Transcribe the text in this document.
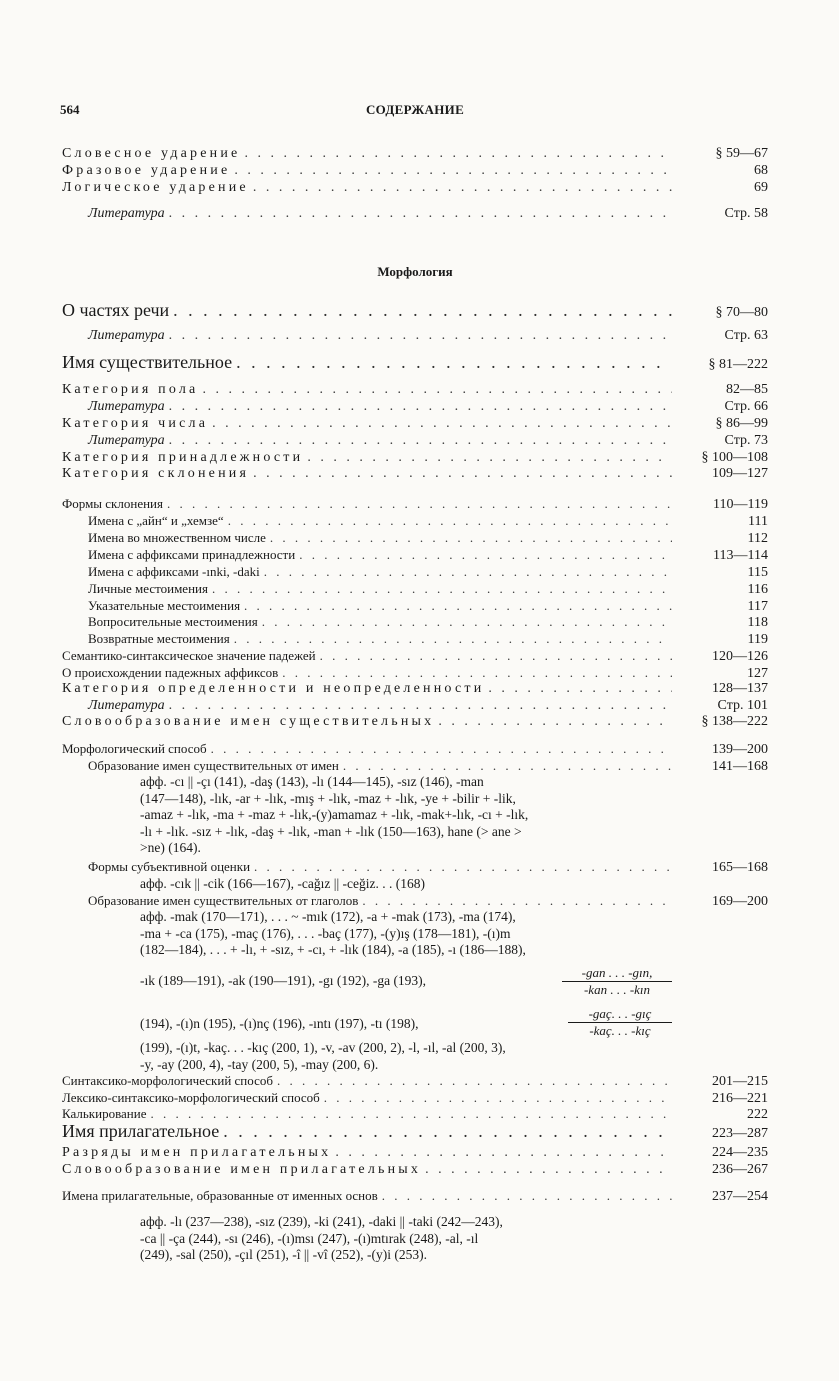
564	СОДЕРЖАНИЕ
Словесное ударение . . .	§ 59—67
Фразовое ударение . . .	68
Логическое ударение . . .	69
Литература . . .	Стр. 58
Морфология
О частях речи . . .	§ 70—80
Литература . . .	Стр. 63
Имя существительное . . .	§ 81—222
Категория пола . . .	82—85
Литература . . .	Стр. 66
Категория числа . . .	§ 86—99
Литература . . .	Стр. 73
Категория принадлежности . . .	§ 100—108
Категория склонения . . .	109—127
Формы склонения . . .	110—119
Имена с „айн“ и „хемзе“ . . .	111
Имена во множественном числе . . .	112
Имена с аффиксами принадлежности . . .	113—114
Имена с аффиксами -ınki, -daki . . .	115
Личные местоимения . . .	116
Указательные местоимения . . .	117
Вопросительные местоимения . . .	118
Возвратные местоимения . . .	119
Семантико-синтаксическое значение падежей . . .	120—126
О происхождении падежных аффиксов . . .	127
Категория определенности и неопределенности . . .	128—137
Литература . . .	Стр. 101
Словообразование имен существительных . . .	§ 138—222
Морфологический способ . . .	139—200
Образование имен существительных от имен . . .	141—168
афф. -cı || -çı (141), -daş (143), -lı (144—145), -sız (146), -man
(147—148), -lık, -ar + -lık, -mış + -lık, -maz + -lık, -ye + -bilir + -lik,
-amaz + -lık, -ma + -maz + -lık,-(y)amamaz + -lık, -mak+-lık, -cı + -lık,
-lı + -lık. -sız + -lık, -daş + -lık, -man + -lık (150—163), hane (> ane >
>ne) (164).
Формы субъективной оценки . . .	165—168
афф. -cık || -cik (166—167), -cağız || -ceğiz. . . (168)
Образование имен существительных от глаголов . . .	169—200
афф. -mak (170—171), . . . ~ -mık (172), -a + -mak (173), -ma (174),
-ma + -ca (175), -maç (176), . . . -baç (177), -(y)ış (178—181), -(ı)m
(182—184), . . . + -lı, + -sız, + -cı, + -lık (184), -a (185), -ı (186—188),
-ık (189—191), -ak (190—191), -gı (192), -ga (193),
-gan . . . -gın,
-kan . . . -kın
(194), -(ı)n (195), -(ı)nç (196), -ıntı (197), -tı (198),
-gaç. . . -gıç
-kaç. . . -kıç
(199), -(ı)t, -kaç. . . -kıç (200, 1), -v, -av (200, 2), -l, -ıl, -al (200, 3),
-y, -ay (200, 4), -tay (200, 5), -may (200, 6).
Синтаксико-морфологический способ . . .	201—215
Лексико-синтаксико-морфологический способ . . .	216—221
Калькирование . . .	222
Имя прилагательное . . .	223—287
Разряды имен прилагательных . . .	224—235
Словообразование имен прилагательных . . .	236—267
Имена прилагательные, образованные от именных основ . . .	237—254
афф. -lı (237—238), -sız (239), -ki (241), -daki || -taki (242—243),
-ca || -ça (244), -sı (246), -(ı)msı (247), -(ı)mtırak (248), -al, -ıl
(249), -sal (250), -çıl (251), -î || -vî (252), -(y)i (253).
